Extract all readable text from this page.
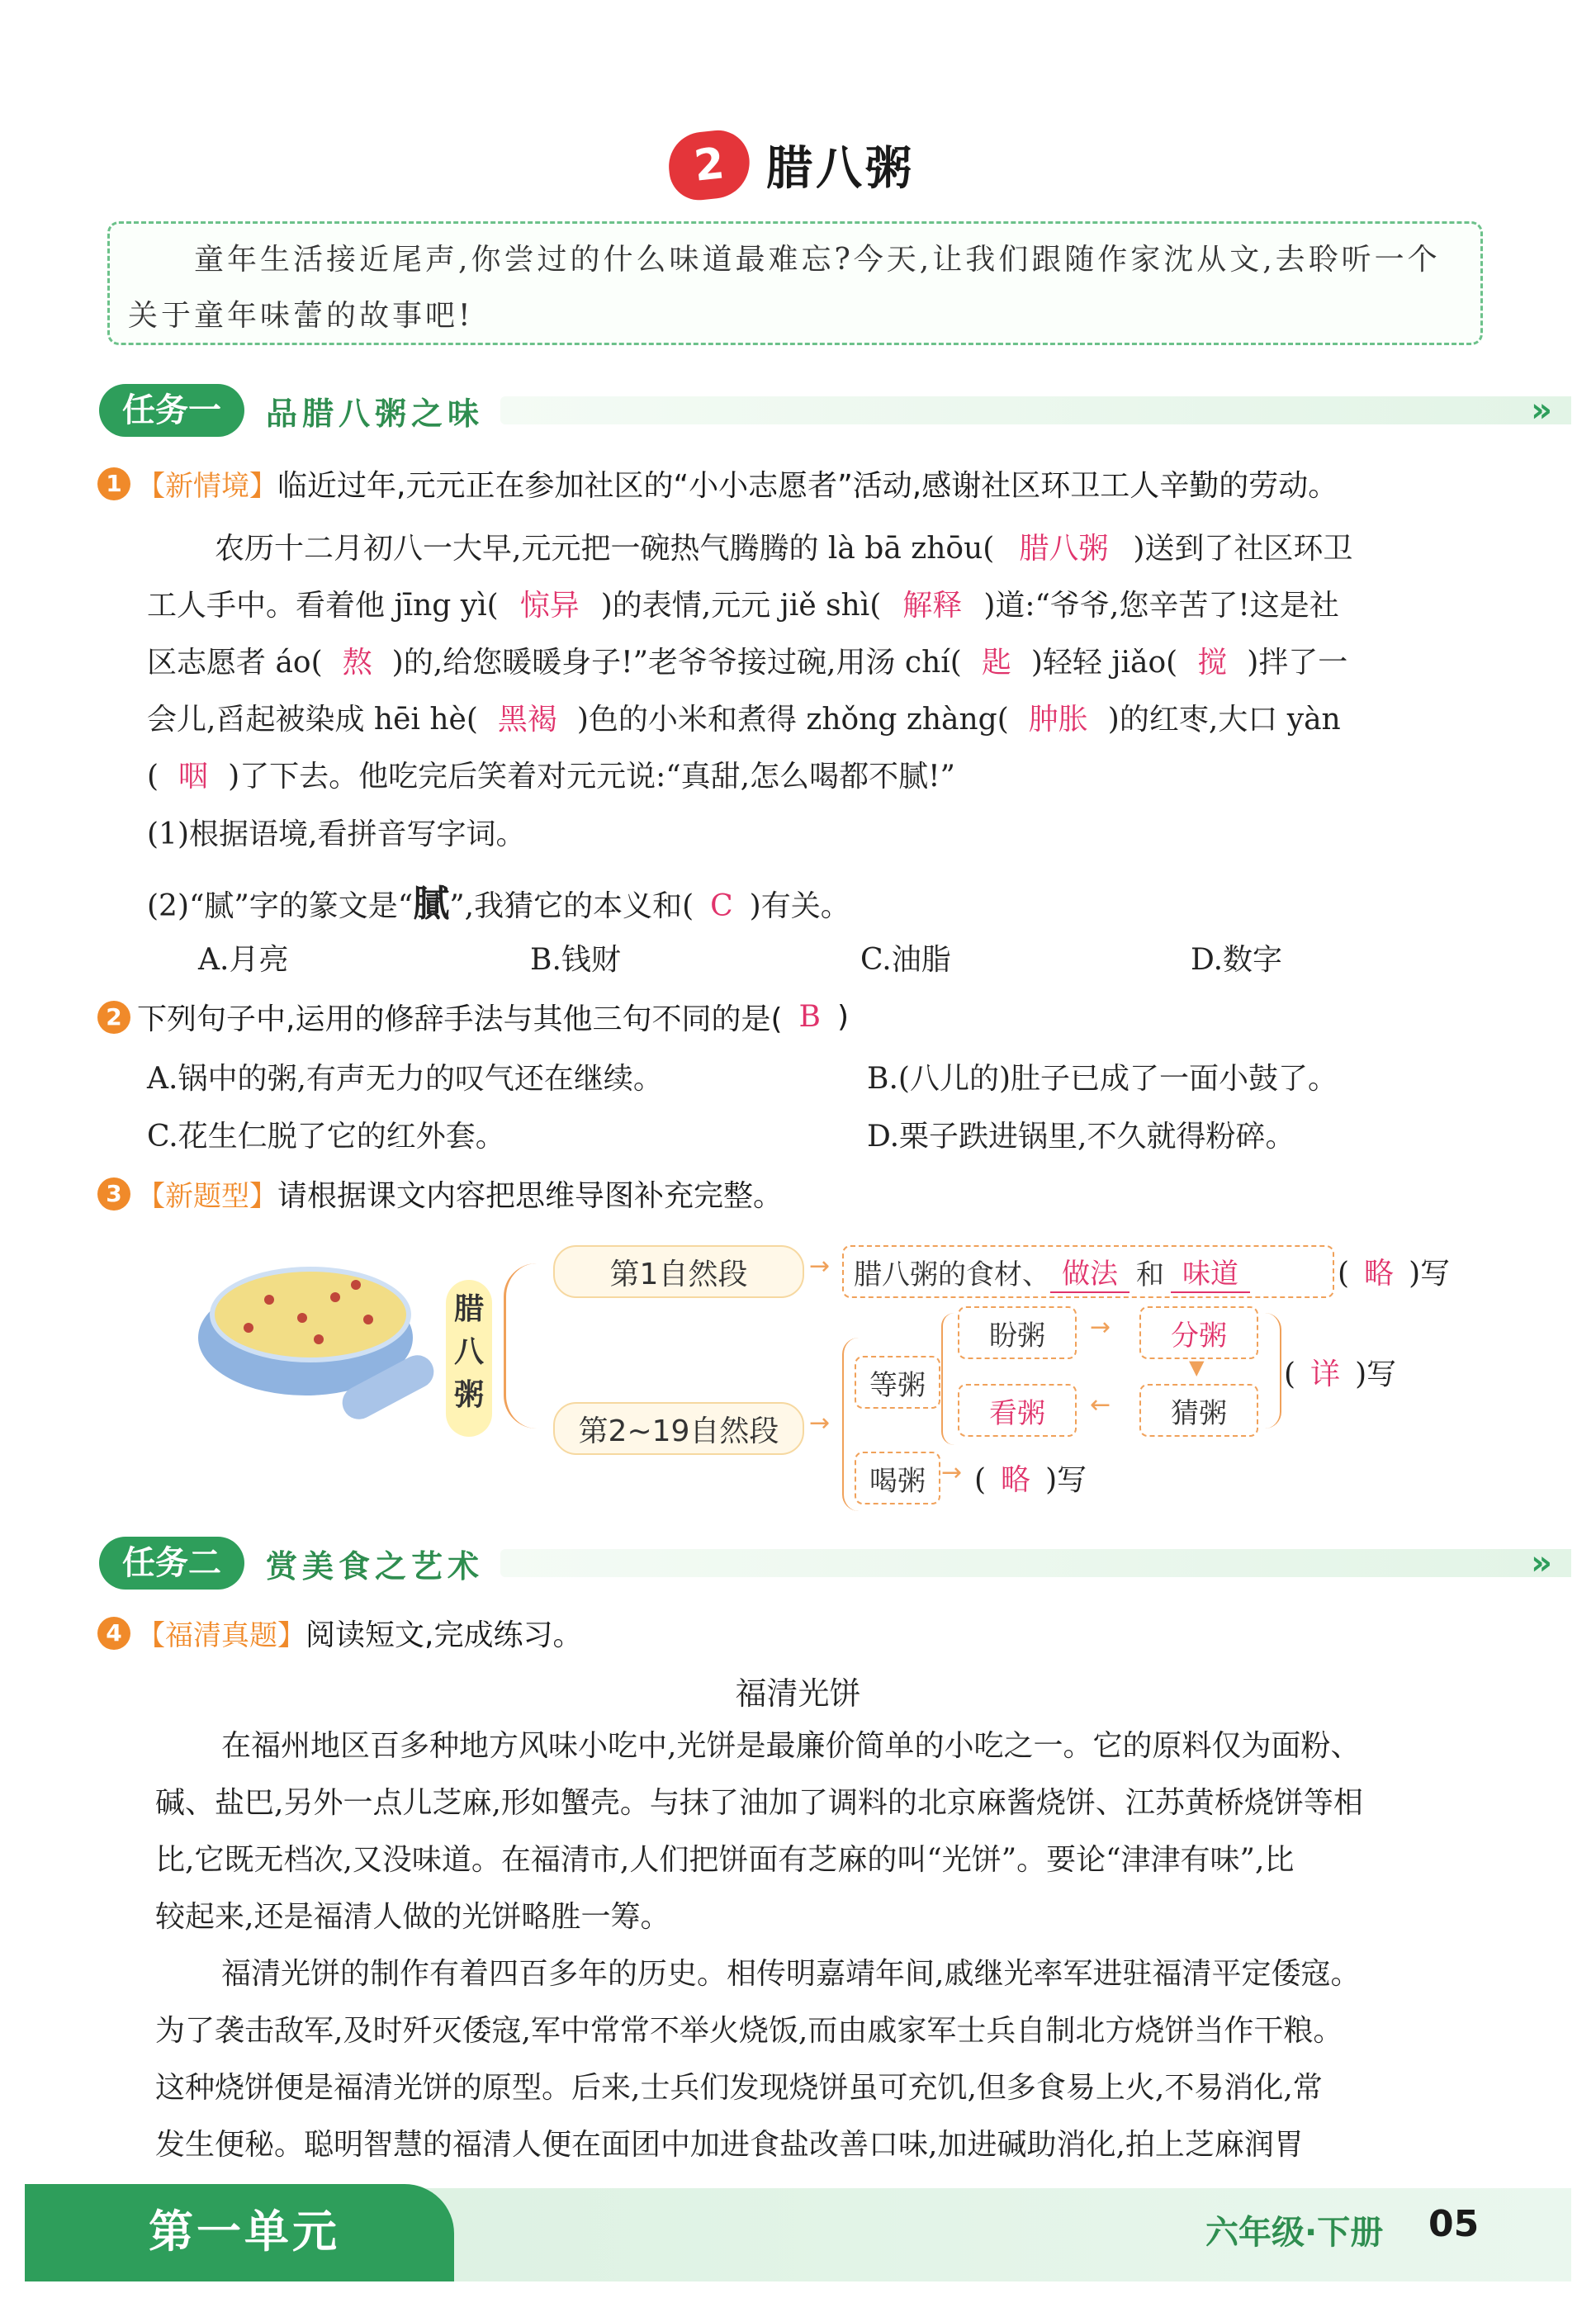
2 腊八粥
童年生活接近尾声,你尝过的什么味道最难忘?今天,让我们跟随作家沈从文,去聆听一个关于童年味蕾的故事吧!
任务一	品腊八粥之味	»
1 【新情境】 临近过年,元元正在参加社区的“小小志愿者”活动,感谢社区环卫工人辛勤的劳动。
农历十二月初八一大早,元元把一碗热气腾腾的 là bā zhōu( 腊八粥 )送到了社区环卫
工人手中。看着他 jīng yì( 惊异 )的表情,元元 jiě shì( 解释 )道:“爷爷,您辛苦了!这是社
区志愿者 áo( 熬 )的,给您暖暖身子!”老爷爷接过碗,用汤 chí( 匙 )轻轻 jiǎo( 搅 )拌了一
会儿,舀起被染成 hēi hè( 黑褐 )色的小米和煮得 zhǒng zhàng( 肿胀 )的红枣,大口 yàn
( 咽 )了下去。他吃完后笑着对元元说:“真甜,怎么喝都不腻!”
(1)根据语境,看拼音写字词。
(2)“腻”字的篆文是“膩”,我猜它的本义和( C )有关。
A.月亮	B.钱财	C.油脂	D.数字
2 下列句子中,运用的修辞手法与其他三句不同的是( B )
A.锅中的粥,有声无力的叹气还在继续。	B.(八儿的)肚子已成了一面小鼓了。
C.花生仁脱了它的红外套。	D.栗子跌进锅里,不久就得粉碎。
3 【新题型】 请根据课文内容把思维导图补充完整。
腊八粥
第1自然段	→ 腊八粥的食材、 做法 和 味道	( 略 )写
第2~19自然段	→
等粥
盼粥	→	分粥
▼
看粥	←	猜粥
( 详 )写
喝粥 → ( 略 )写
任务二	赏美食之艺术	»
4 【福清真题】 阅读短文,完成练习。
福清光饼
在福州地区百多种地方风味小吃中,光饼是最廉价简单的小吃之一。它的原料仅为面粉、
碱、盐巴,另外一点儿芝麻,形如蟹壳。与抹了油加了调料的北京麻酱烧饼、江苏黄桥烧饼等相
比,它既无档次,又没味道。在福清市,人们把饼面有芝麻的叫“光饼”。要论“津津有味”,比
较起来,还是福清人做的光饼略胜一筹。
福清光饼的制作有着四百多年的历史。相传明嘉靖年间,戚继光率军进驻福清平定倭寇。
为了袭击敌军,及时歼灭倭寇,军中常常不举火烧饭,而由戚家军士兵自制北方烧饼当作干粮。
这种烧饼便是福清光饼的原型。后来,士兵们发现烧饼虽可充饥,但多食易上火,不易消化,常
发生便秘。聪明智慧的福清人便在面团中加进食盐改善口味,加进碱助消化,拍上芝麻润胃
第一单元	六年级·下册 05
